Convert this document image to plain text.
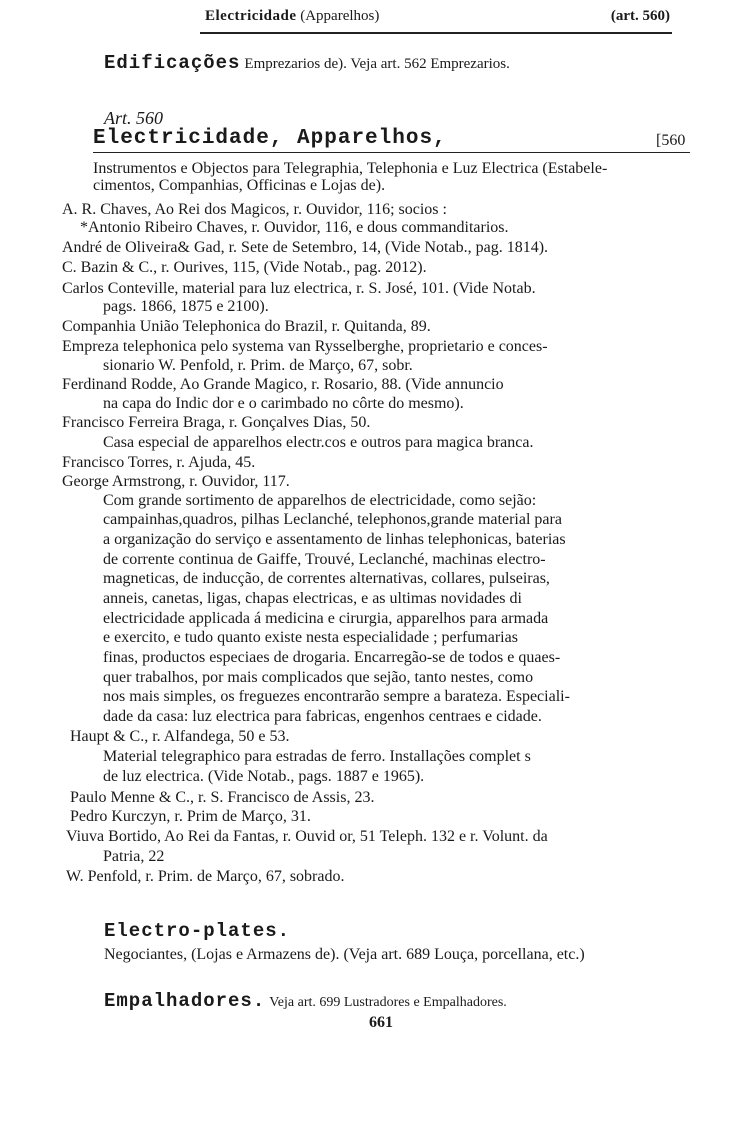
Electricidade (Apparelhos)	(art. 560)
Edificações Emprezarios de). Veja art. 562 Emprezarios.
Art. 560
Electricidade, Apparelhos,	[560
Instrumentos e Objectos para Telegraphia, Telephonia e Luz Electrica (Estabele-
cimentos, Companhias, Officinas e Lojas de).
A. R. Chaves, Ao Rei dos Magicos, r. Ouvidor, 116; socios :
*Antonio Ribeiro Chaves, r. Ouvidor, 116, e dous commanditarios.
André de Oliveira& Gad, r. Sete de Setembro, 14, (Vide Notab., pag. 1814).
C. Bazin & C., r. Ourives, 115, (Vide Notab., pag. 2012).
Carlos Conteville, material para luz electrica, r. S. José, 101. (Vide Notab.
pags. 1866, 1875 e 2100).
Companhia União Telephonica do Brazil, r. Quitanda, 89.
Empreza telephonica pelo systema van Rysselberghe, proprietario e conces-
sionario W. Penfold, r. Prim. de Março, 67, sobr.
Ferdinand Rodde, Ao Grande Magico, r. Rosario, 88. (Vide annuncio
na capa do Indic dor e o carimbado no côrte do mesmo).
Francisco Ferreira Braga, r. Gonçalves Dias, 50.
Casa especial de apparelhos electr.cos e outros para magica branca.
Francisco Torres, r. Ajuda, 45.
George Armstrong, r. Ouvidor, 117.
Com grande sortimento de apparelhos de electricidade, como sejão:
campainhas,quadros, pilhas Leclanché, telephonos,grande material para
a organização do serviço e assentamento de linhas telephonicas, baterias
de corrente continua de Gaiffe, Trouvé, Leclanché, machinas electro-
magneticas, de inducção, de correntes alternativas, collares, pulseiras,
anneis, canetas, ligas, chapas electricas, e as ultimas novidades di
electricidade applicada á medicina e cirurgia, apparelhos para armada
e exercito, e tudo quanto existe nesta especialidade ; perfumarias
finas, productos especiaes de drogaria. Encarregão-se de todos e quaes-
quer trabalhos, por mais complicados que sejão, tanto nestes, como
nos mais simples, os freguezes encontrarão sempre a barateza. Especiali-
dade da casa: luz electrica para fabricas, engenhos centraes e cidade.
Haupt & C., r. Alfandega, 50 e 53.
Material telegraphico para estradas de ferro. Installações complet s
de luz electrica. (Vide Notab., pags. 1887 e 1965).
Paulo Menne & C., r. S. Francisco de Assis, 23.
Pedro Kurczyn, r. Prim de Março, 31.
Viuva Bortido, Ao Rei da Fantas, r. Ouvid or, 51 Teleph. 132 e r. Volunt. da
Patria, 22
W. Penfold, r. Prim. de Março, 67, sobrado.
Electro-plates.
Negociantes, (Lojas e Armazens de). (Veja art. 689 Louça, porcellana, etc.)
Empalhadores. Veja art. 699 Lustradores e Empalhadores.
661
